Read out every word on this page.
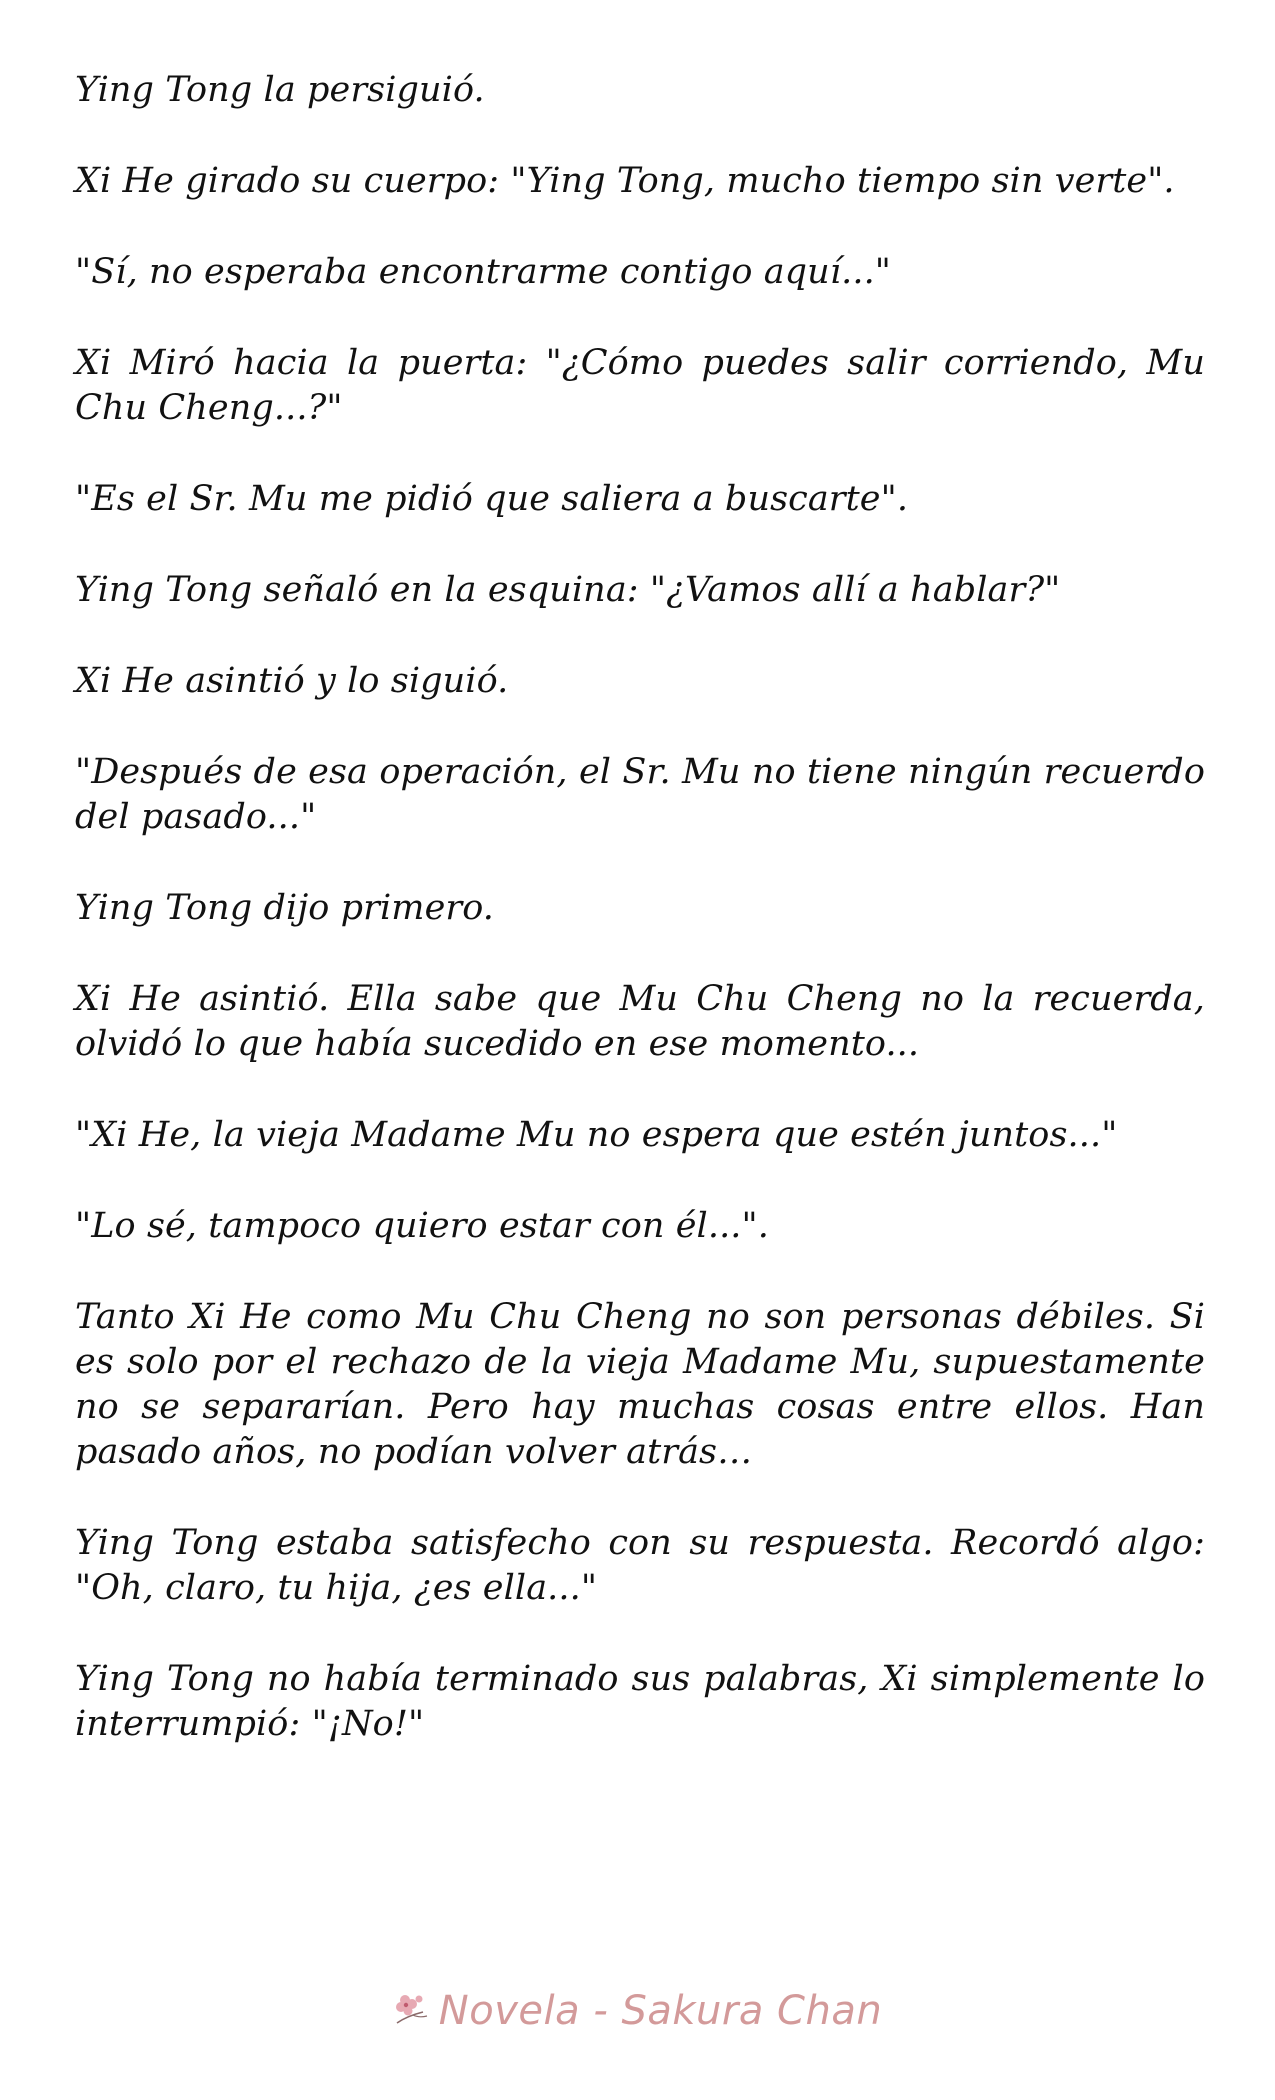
Ying Tong la persiguió.

Xi He girado su cuerpo: "Ying Tong, mucho tiempo sin verte".

"Sí, no esperaba encontrarme contigo aquí..."

Xi Miró hacia la puerta: "¿Cómo puedes salir corriendo, Mu Chu Cheng...?"

"Es el Sr. Mu me pidió que saliera a buscarte".

Ying Tong señaló en la esquina: "¿Vamos allí a hablar?"

Xi He asintió y lo siguió.

"Después de esa operación, el Sr. Mu no tiene ningún recuerdo del pasado..."

Ying Tong dijo primero.

Xi He asintió. Ella sabe que Mu Chu Cheng no la recuerda, olvidó lo que había sucedido en ese momento...

"Xi He, la vieja Madame Mu no espera que estén juntos..."

"Lo sé, tampoco quiero estar con él...".

Tanto Xi He como Mu Chu Cheng no son personas débiles. Si es solo por el rechazo de la vieja Madame Mu, supuestamente no se separarían. Pero hay muchas cosas entre ellos. Han pasado años, no podían volver atrás…

Ying Tong estaba satisfecho con su respuesta. Recordó algo: "Oh, claro, tu hija, ¿es ella..."

Ying Tong no había terminado sus palabras, Xi simplemente lo interrumpió: "¡No!"

Novela - Sakura Chan
